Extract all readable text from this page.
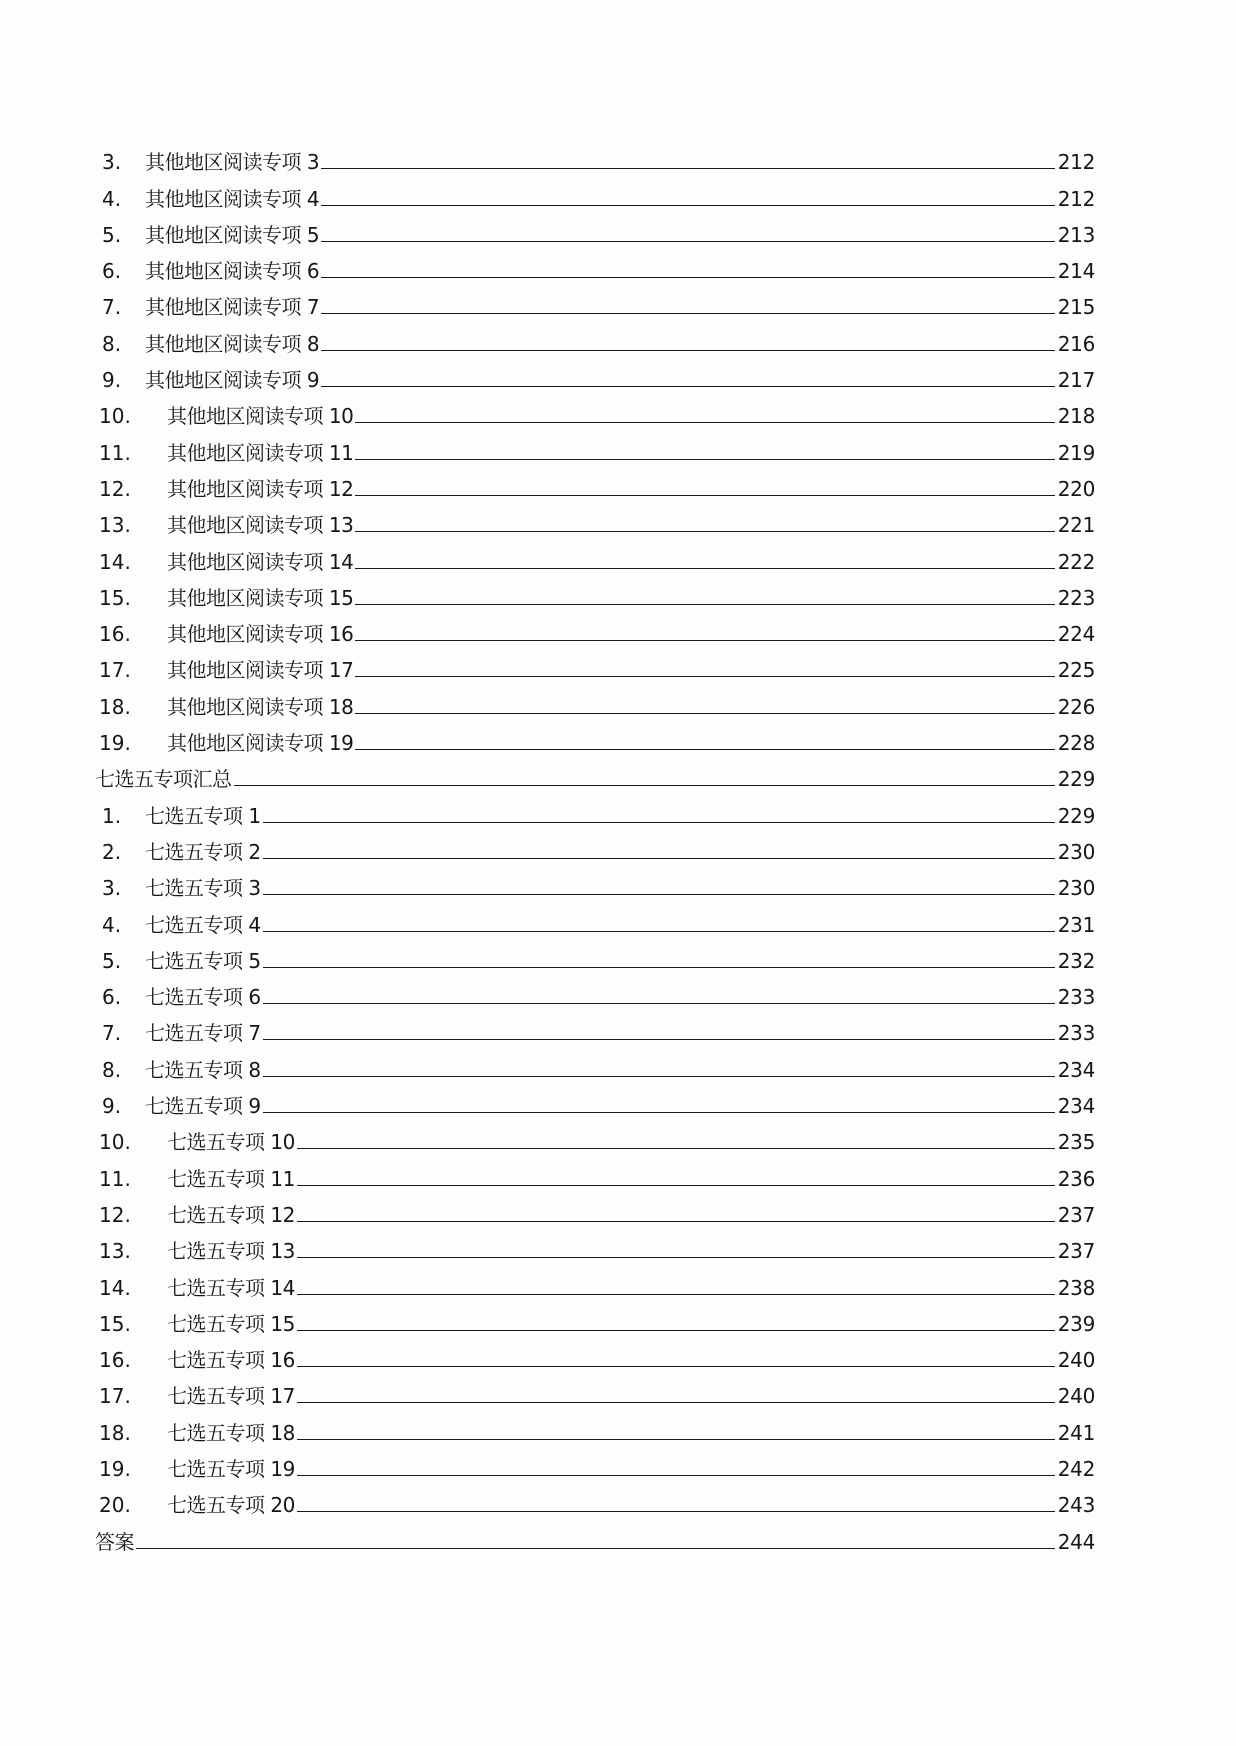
3.	其他地区阅读专项 3	212
4.	其他地区阅读专项 4	212
5.	其他地区阅读专项 5	213
6.	其他地区阅读专项 6	214
7.	其他地区阅读专项 7	215
8.	其他地区阅读专项 8	216
9.	其他地区阅读专项 9	217
10.	其他地区阅读专项 10	218
11.	其他地区阅读专项 11	219
12.	其他地区阅读专项 12	220
13.	其他地区阅读专项 13	221
14.	其他地区阅读专项 14	222
15.	其他地区阅读专项 15	223
16.	其他地区阅读专项 16	224
17.	其他地区阅读专项 17	225
18.	其他地区阅读专项 18	226
19.	其他地区阅读专项 19	228
七选五专项汇总	229
1.	七选五专项 1	229
2.	七选五专项 2	230
3.	七选五专项 3	230
4.	七选五专项 4	231
5.	七选五专项 5	232
6.	七选五专项 6	233
7.	七选五专项 7	233
8.	七选五专项 8	234
9.	七选五专项 9	234
10.	七选五专项 10	235
11.	七选五专项 11	236
12.	七选五专项 12	237
13.	七选五专项 13	237
14.	七选五专项 14	238
15.	七选五专项 15	239
16.	七选五专项 16	240
17.	七选五专项 17	240
18.	七选五专项 18	241
19.	七选五专项 19	242
20.	七选五专项 20	243
答案	244
